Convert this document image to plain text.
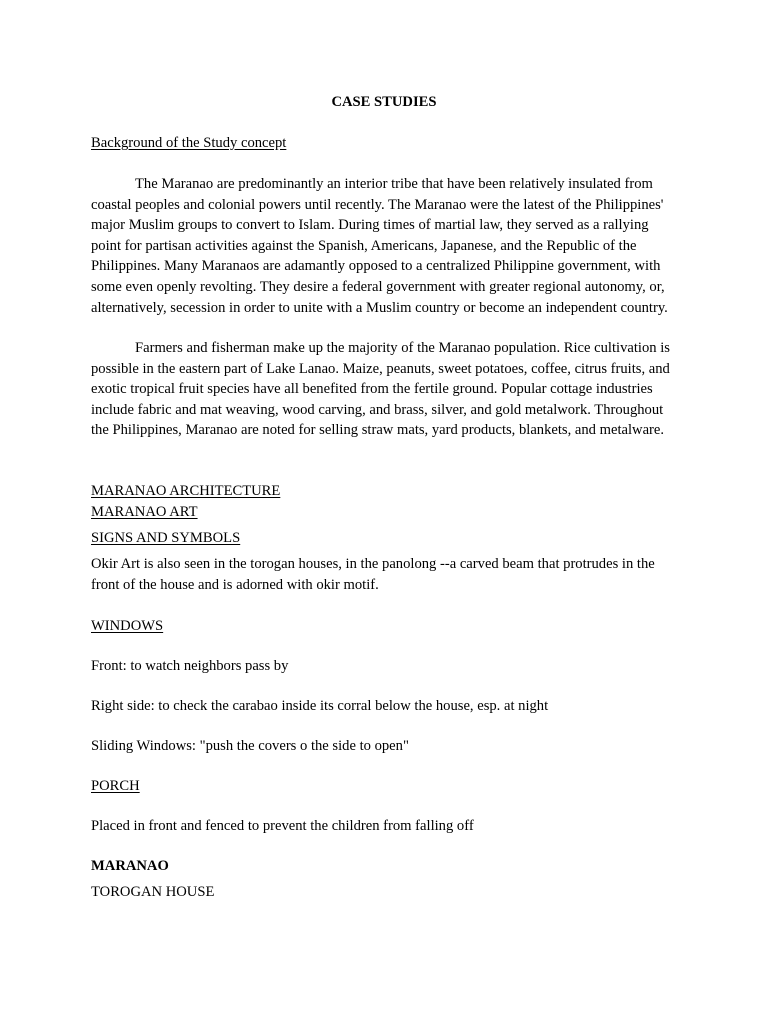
CASE STUDIES

Background of the Study concept

The Maranao are predominantly an interior tribe that have been relatively insulated from coastal peoples and colonial powers until recently. The Maranao were the latest of the Philippines' major Muslim groups to convert to Islam. During times of martial law, they served as a rallying point for partisan activities against the Spanish, Americans, Japanese, and the Republic of the Philippines. Many Maranaos are adamantly opposed to a centralized Philippine government, with some even openly revolting. They desire a federal government with greater regional autonomy, or, alternatively, secession in order to unite with a Muslim country or become an independent country.

Farmers and fisherman make up the majority of the Maranao population. Rice cultivation is possible in the eastern part of Lake Lanao. Maize, peanuts, sweet potatoes, coffee, citrus fruits, and exotic tropical fruit species have all benefited from the fertile ground. Popular cottage industries include fabric and mat weaving, wood carving, and brass, silver, and gold metalwork. Throughout the Philippines, Maranao are noted for selling straw mats, yard products, blankets, and metalware.

MARANAO ARCHITECTURE

MARANAO ART

SIGNS AND SYMBOLS

Okir Art is also seen in the torogan houses, in the panolong --a carved beam that protrudes in the front of the house and is adorned with okir motif.

WINDOWS

Front: to watch neighbors pass by

Right side: to check the carabao inside its corral below the house, esp. at night

Sliding Windows: "push the covers o the side to open"

PORCH

Placed in front and fenced to prevent the children from falling off

MARANAO

TOROGAN HOUSE
